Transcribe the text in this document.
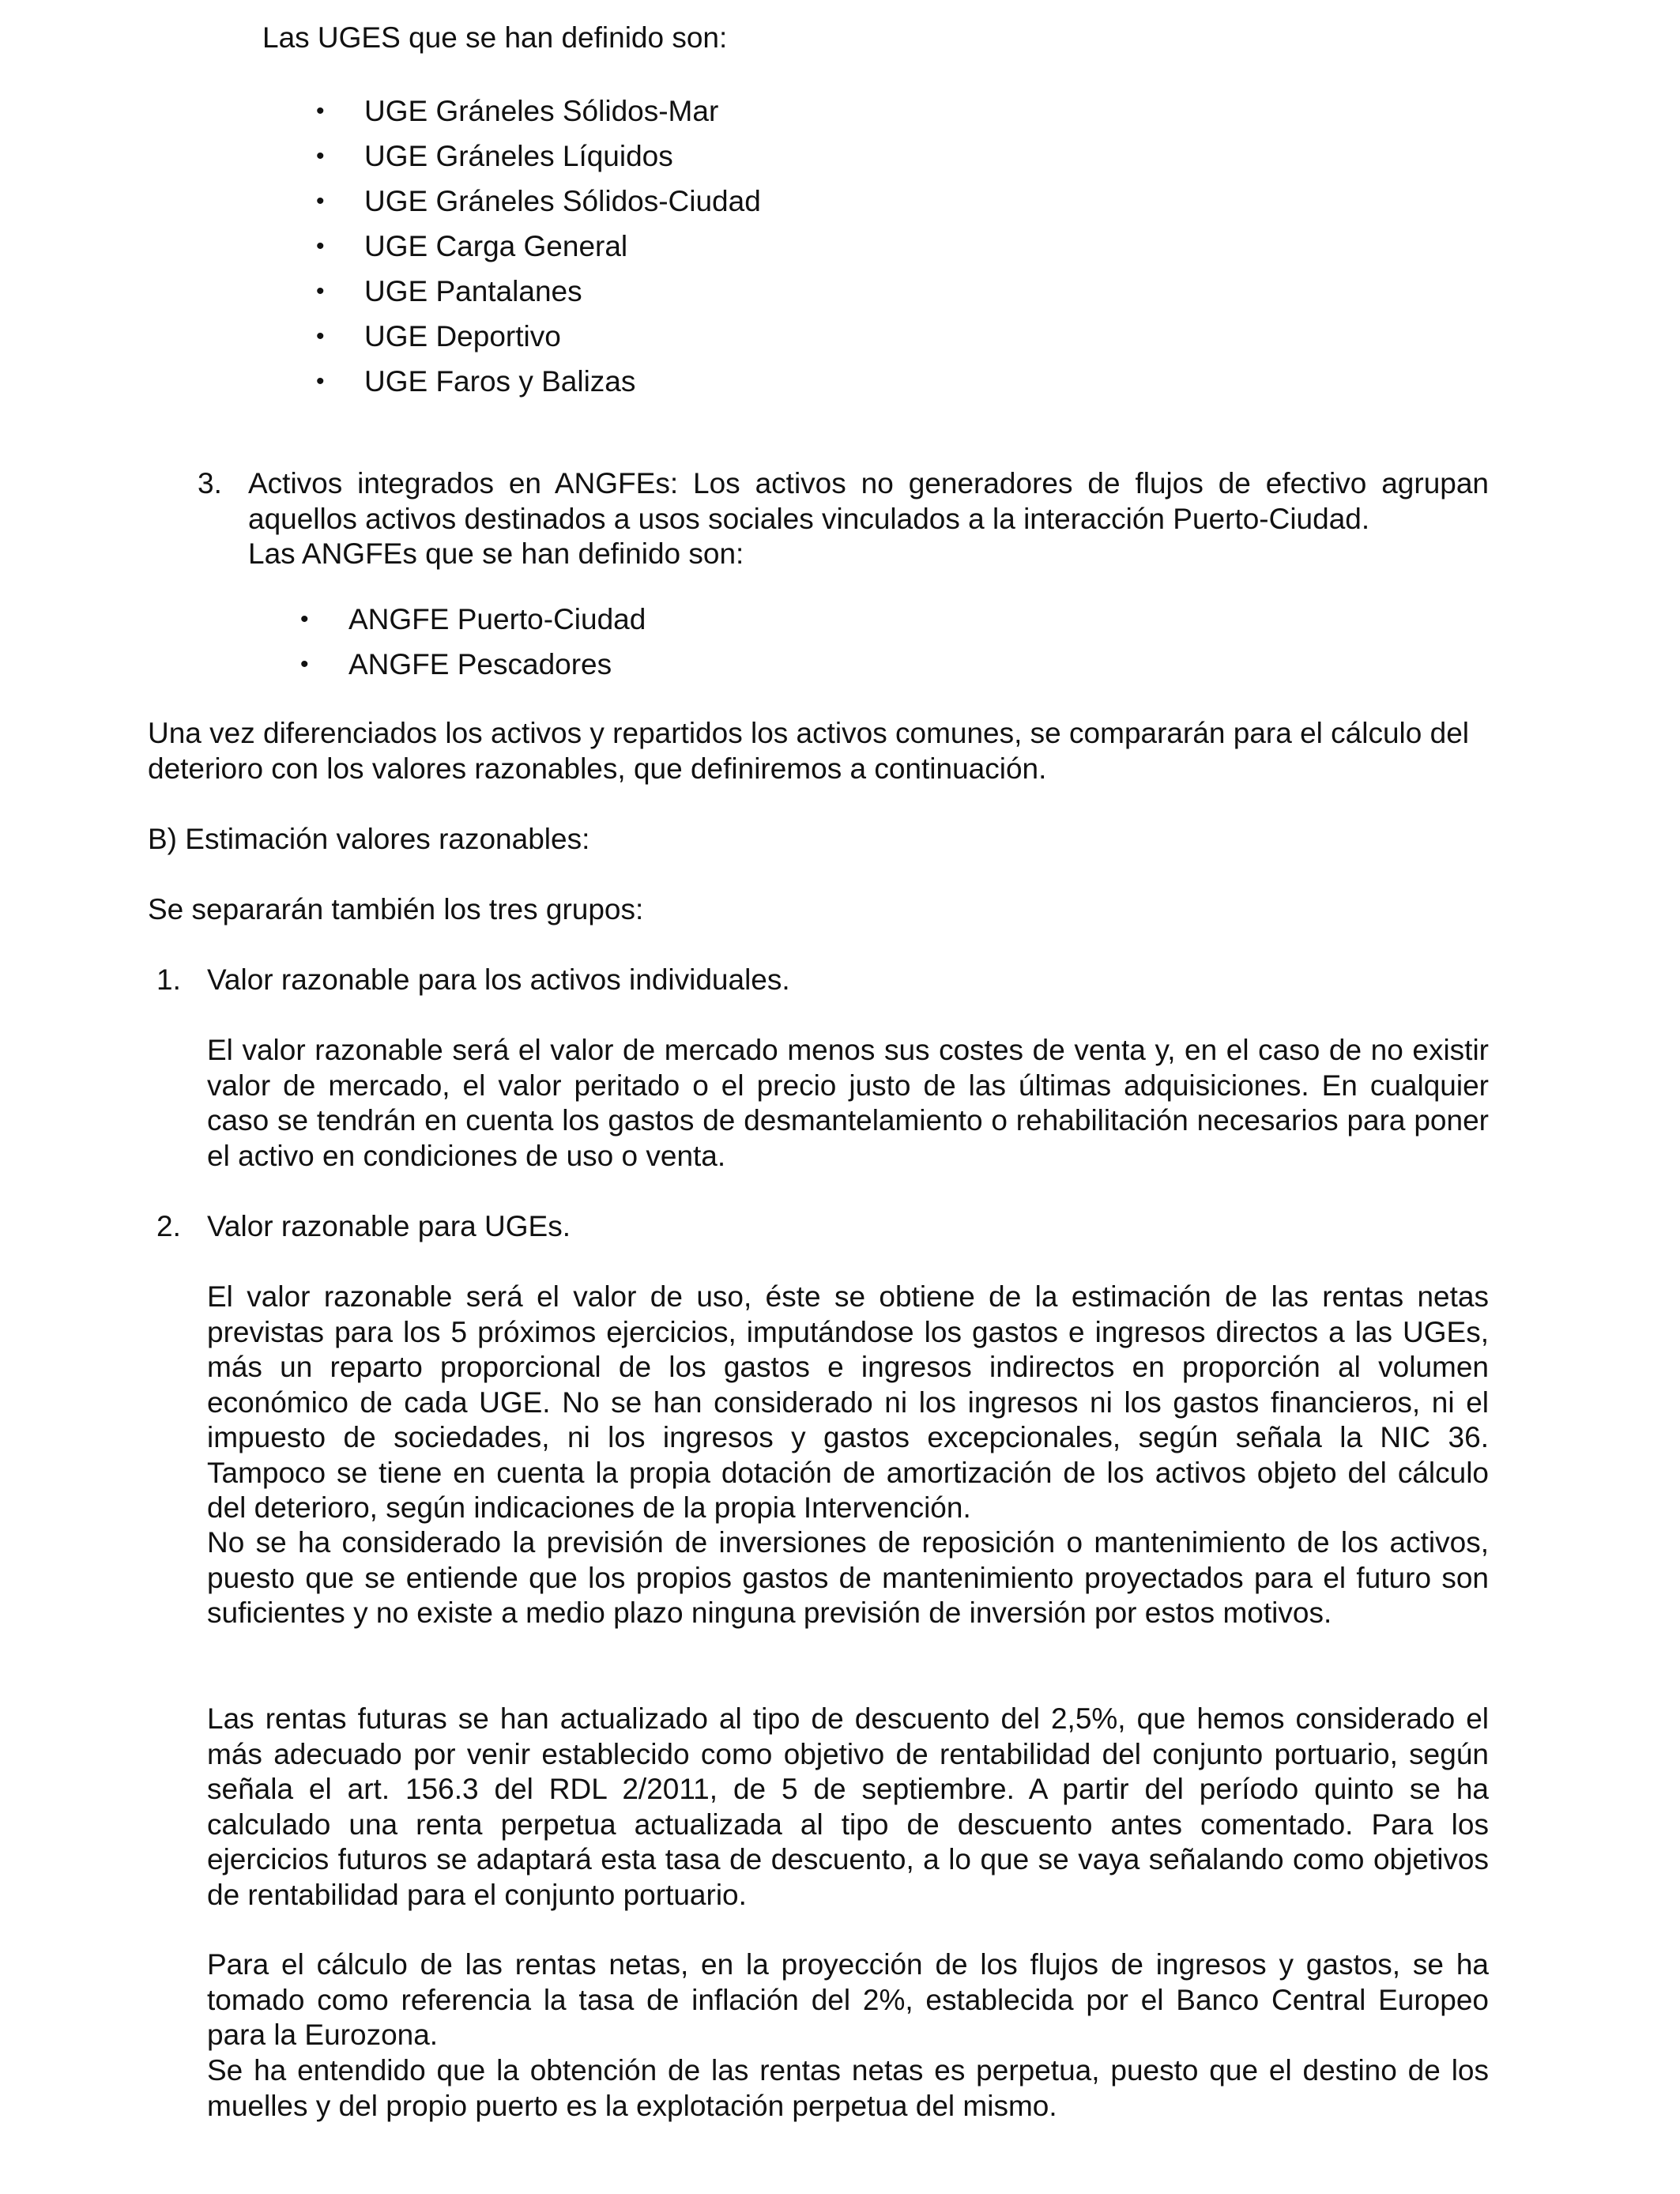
Las UGES que se han definido son:

• UGE Gráneles Sólidos-Mar
• UGE Gráneles Líquidos
• UGE Gráneles Sólidos-Ciudad
• UGE Carga General
• UGE Pantalanes
• UGE Deportivo
• UGE Faros y Balizas
3. Activos integrados en ANGFEs: Los activos no generadores de flujos de efectivo agrupan aquellos activos destinados a usos sociales vinculados a la interacción Puerto-Ciudad.

Las ANGFEs que se han definido son:

• ANGFE Puerto-Ciudad
• ANGFE Pescadores

Una vez diferenciados los activos y repartidos los activos comunes, se compararán para el cálculo del deterioro con los valores razonables, que definiremos a continuación.

B) Estimación valores razonables:

Se separarán también los tres grupos:

1. Valor razonable para los activos individuales.

El valor razonable será el valor de mercado menos sus costes de venta y, en el caso de no existir valor de mercado, el valor peritado o el precio justo de las últimas adquisiciones. En cualquier caso se tendrán en cuenta los gastos de desmantelamiento o rehabilitación necesarios para poner el activo en condiciones de uso o venta.

2. Valor razonable para UGEs.

El valor razonable será el valor de uso, éste se obtiene de la estimación de las rentas netas previstas para los 5 próximos ejercicios, imputándose los gastos e ingresos directos a las UGEs, más un reparto proporcional de los gastos e ingresos indirectos en proporción al volumen económico de cada UGE. No se han considerado ni los ingresos ni los gastos financieros, ni el impuesto de sociedades, ni los ingresos y gastos excepcionales, según señala la NIC 36. Tampoco se tiene en cuenta la propia dotación de amortización de los activos objeto del cálculo del deterioro, según indicaciones de la propia Intervención.

No se ha considerado la previsión de inversiones de reposición o mantenimiento de los activos, puesto que se entiende que los propios gastos de mantenimiento proyectados para el futuro son suficientes y no existe a medio plazo ninguna previsión de inversión por estos motivos.

Las rentas futuras se han actualizado al tipo de descuento del 2,5%, que hemos considerado el más adecuado por venir establecido como objetivo de rentabilidad del conjunto portuario, según señala el art. 156.3 del RDL 2/2011, de 5 de septiembre. A partir del período quinto se ha calculado una renta perpetua actualizada al tipo de descuento antes comentado. Para los ejercicios futuros se adaptará esta tasa de descuento, a lo que se vaya señalando como objetivos de rentabilidad para el conjunto portuario.

Para el cálculo de las rentas netas, en la proyección de los flujos de ingresos y gastos, se ha tomado como referencia la tasa de inflación del 2%, establecida por el Banco Central Europeo para la Eurozona.

Se ha entendido que la obtención de las rentas netas es perpetua, puesto que el destino de los muelles y del propio puerto es la explotación perpetua del mismo.
